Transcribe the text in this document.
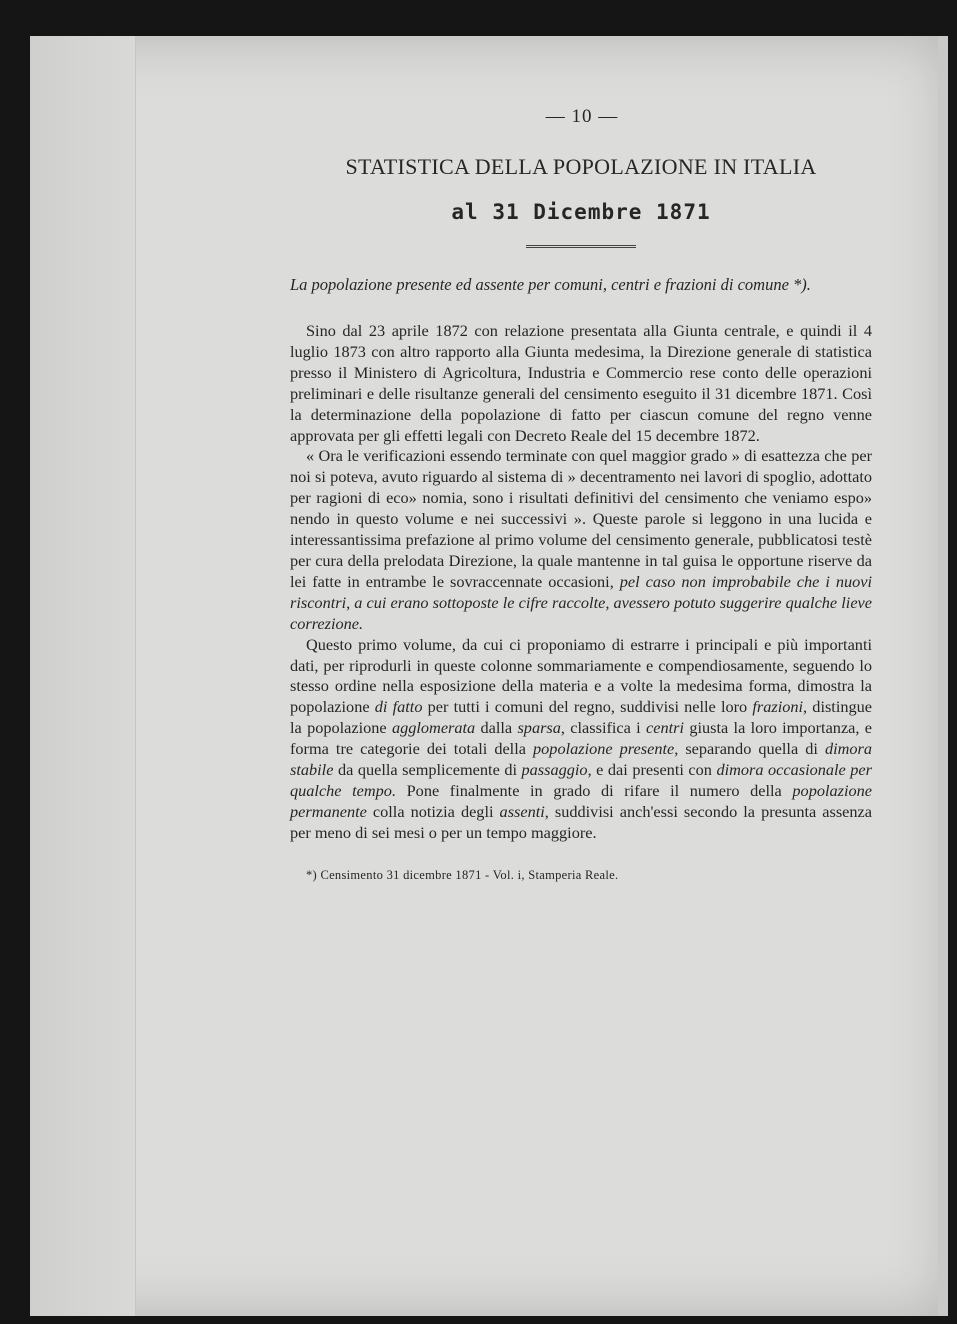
— 10 —
STATISTICA DELLA POPOLAZIONE IN ITALIA
al 31 Dicembre 1871

La popolazione presente ed assente per comuni, centri e frazioni di comune *).

Sino dal 23 aprile 1872 con relazione presentata alla Giunta centrale, e quindi il 4 luglio 1873 con altro rapporto alla Giunta medesima, la Direzione generale di statistica presso il Ministero di Agricoltura, Industria e Commercio rese conto delle operazioni preliminari e delle risultanze generali del censimento eseguito il 31 dicembre 1871. Così la determinazione della popolazione di fatto per ciascun comune del regno venne approvata per gli effetti legali con Decreto Reale del 15 decembre 1872.

« Ora le verificazioni essendo terminate con quel maggior grado » di esattezza che per noi si poteva, avuto riguardo al sistema di » decentramento nei lavori di spoglio, adottato per ragioni di eco» nomia, sono i risultati definitivi del censimento che veniamo espo» nendo in questo volume e nei successivi ». Queste parole si leggono in una lucida e interessantissima prefazione al primo volume del censimento generale, pubblicatosi testè per cura della prelodata Direzione, la quale mantenne in tal guisa le opportune riserve da lei fatte in entrambe le sovraccennate occasioni, pel caso non improbabile che i nuovi riscontri, a cui erano sottoposte le cifre raccolte, avessero potuto suggerire qualche lieve correzione.

Questo primo volume, da cui ci proponiamo di estrarre i principali e più importanti dati, per riprodurli in queste colonne sommariamente e compendiosamente, seguendo lo stesso ordine nella esposizione della materia e a volte la medesima forma, dimostra la popolazione di fatto per tutti i comuni del regno, suddivisi nelle loro frazioni, distingue la popolazione agglomerata dalla sparsa, classifica i centri giusta la loro importanza, e forma tre categorie dei totali della popolazione presente, separando quella di dimora stabile da quella semplicemente di passaggio, e dai presenti con dimora occasionale per qualche tempo. Pone finalmente in grado di rifare il numero della popolazione permanente colla notizia degli assenti, suddivisi anch'essi secondo la presunta assenza per meno di sei mesi o per un tempo maggiore.

*) Censimento 31 dicembre 1871 - Vol. i, Stamperia Reale.
